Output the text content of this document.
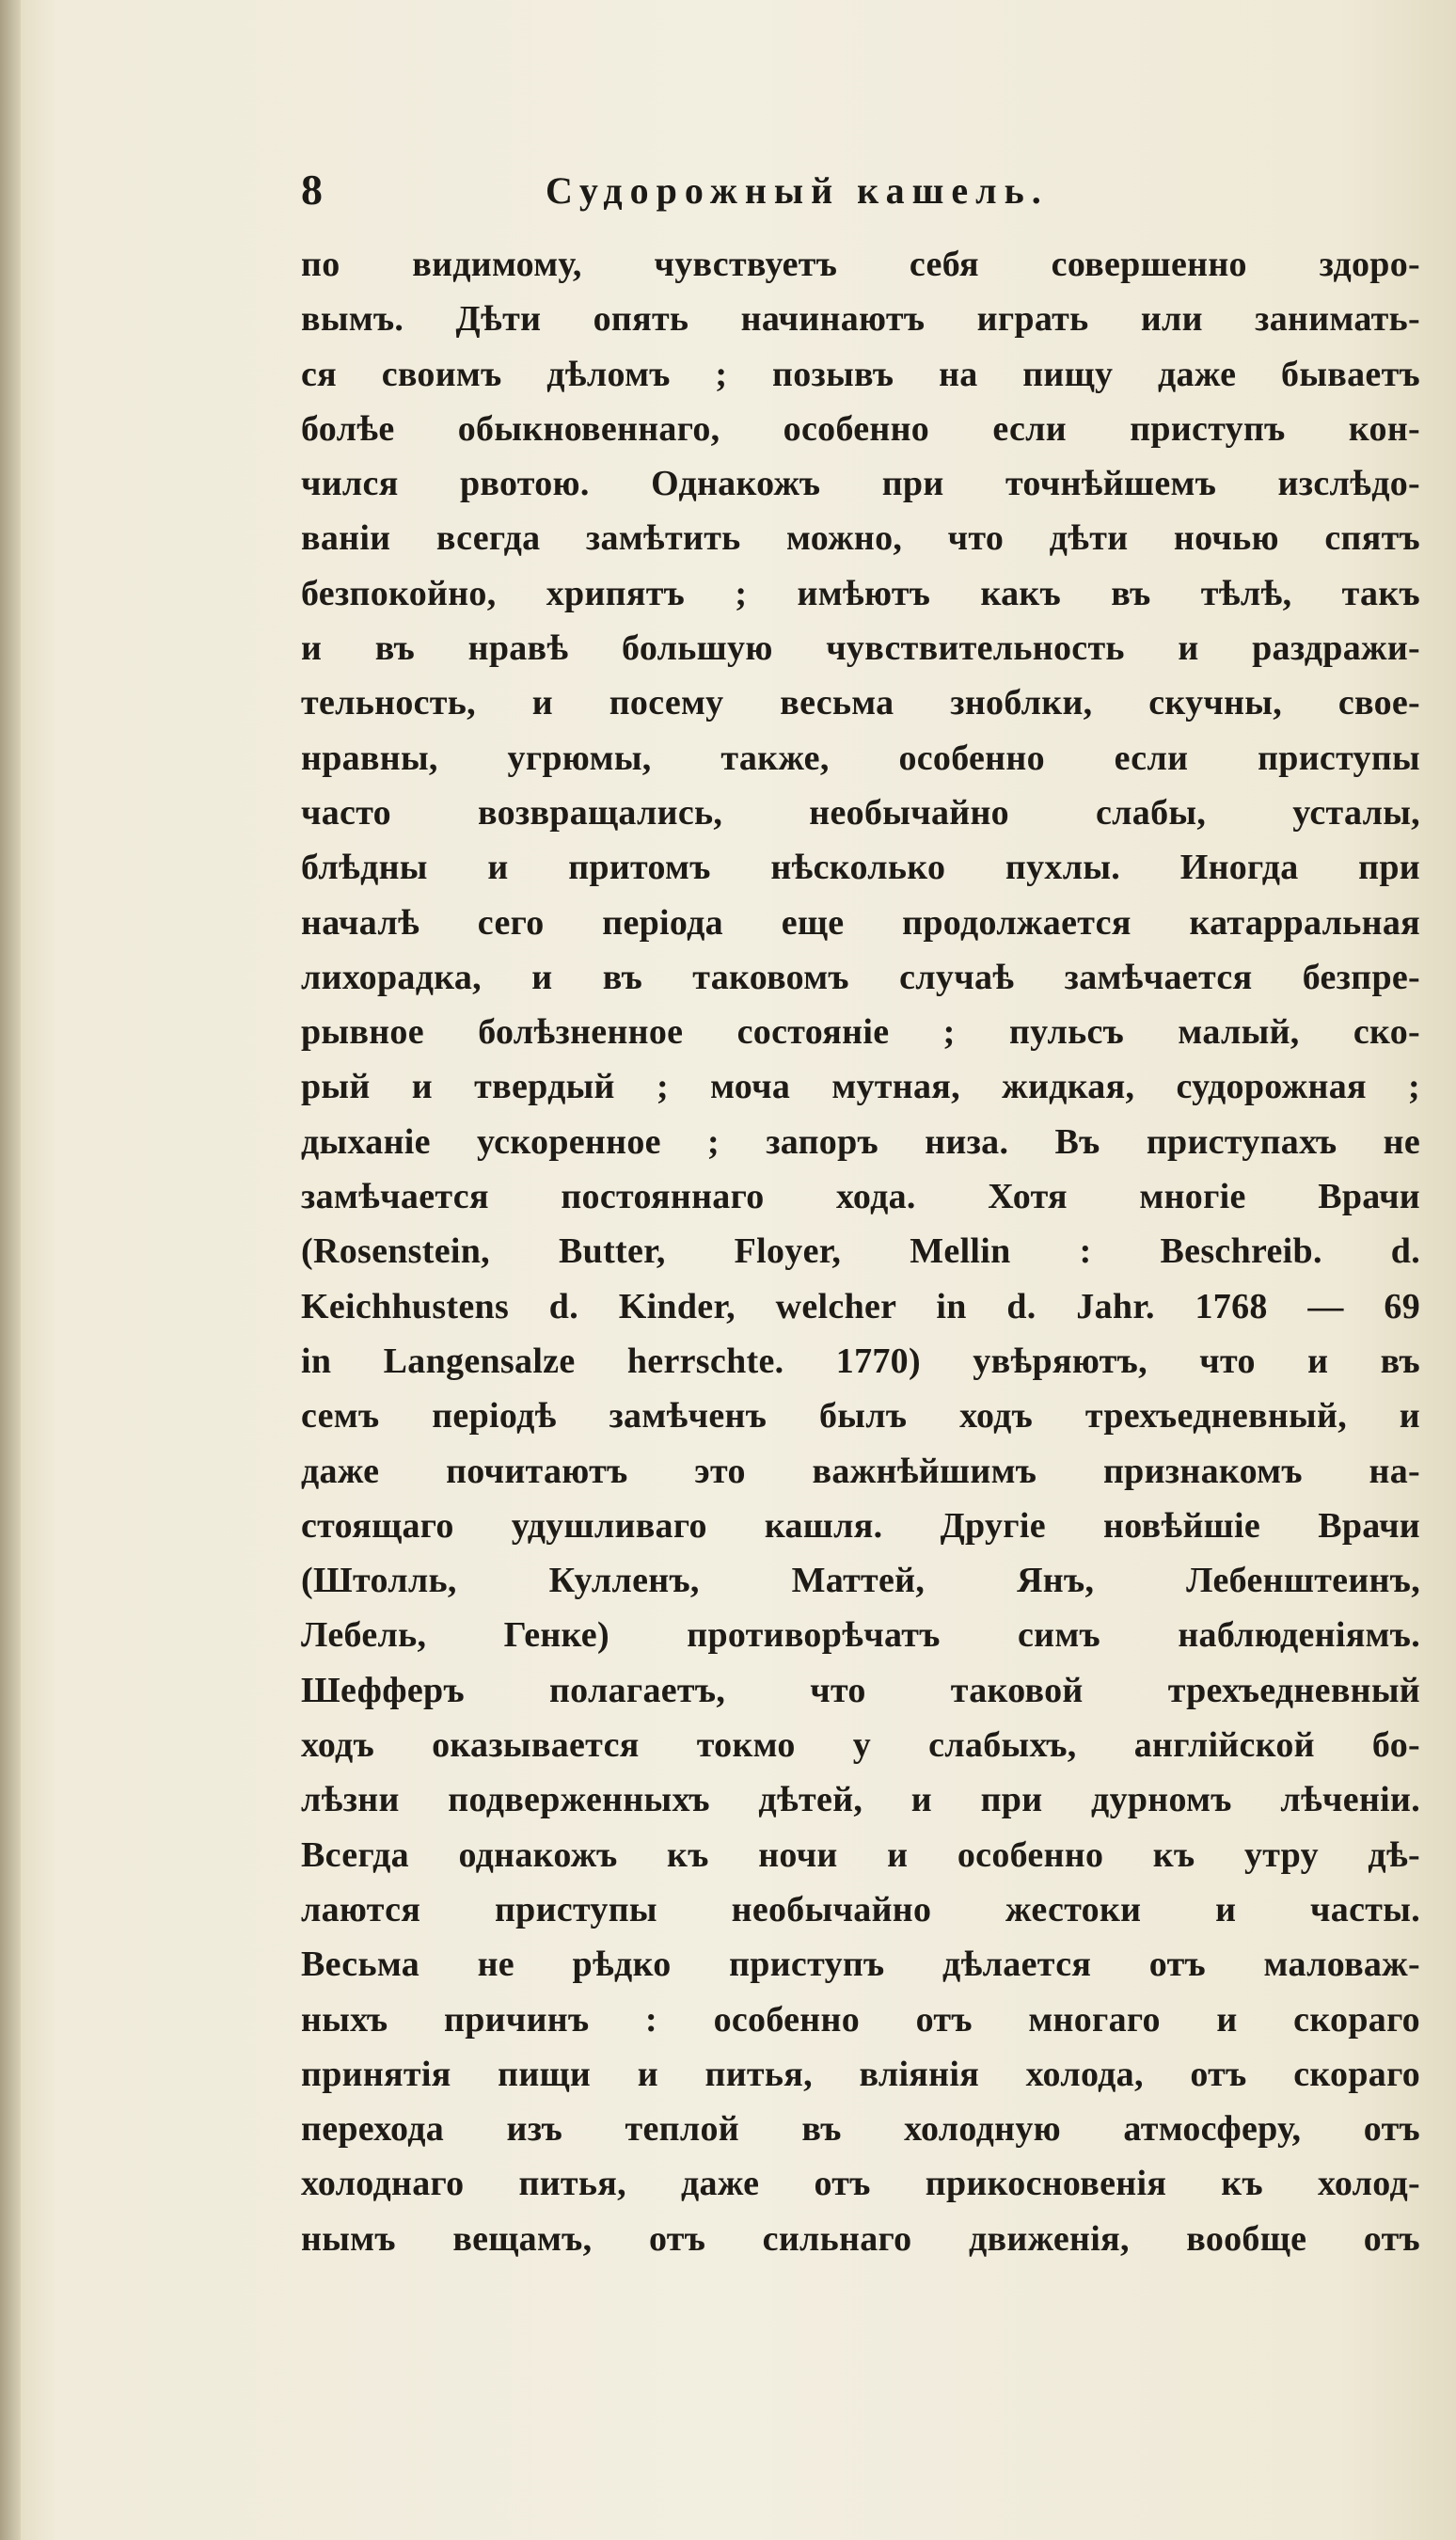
8	Судорожный кашель.
по видимому, чувствуетъ себя совершенно здоро-
вымъ. Дѣти опять начинаютъ играть или занимать-
ся своимъ дѣломъ ; позывъ на пищу даже бываетъ
болѣе обыкновеннаго, особенно если приступъ кон-
чился рвотою. Однакожъ при точнѣйшемъ изслѣдо-
ваніи всегда замѣтить можно, что дѣти ночью спятъ
безпокойно, хрипятъ ; имѣютъ какъ въ тѣлѣ, такъ
и въ нравѣ большую чувствительность и раздражи-
тельность, и посему весьма зноблки, скучны, свое-
нравны, угрюмы, также, особенно если приступы
часто возвращались, необычайно слабы, усталы,
блѣдны и притомъ нѣсколько пухлы. Иногда при
началѣ сего періода еще продолжается катарральная
лихорадка, и въ таковомъ случаѣ замѣчается безпре-
рывное болѣзненное состояніе ; пульсъ малый, ско-
рый и твердый ; моча мутная, жидкая, судорожная ;
дыханіе ускоренное ; запоръ низа. Въ приступахъ не
замѣчается постояннаго хода. Хотя многіе Врачи
(Rosenstein, Butter, Floyer, Mellin : Beschreib. d.
Keichhustens d. Kinder, welcher in d. Jahr. 1768 — 69
in Langensalze herrschte. 1770) увѣряютъ, что и въ
семъ періодѣ замѣченъ былъ ходъ трехъедневный, и
даже почитаютъ это важнѣйшимъ признакомъ на-
стоящаго удушливаго кашля. Другіе новѣйшіе Врачи
(Штолль, Кулленъ, Маттей, Янъ, Лебенштеинъ,
Лебель, Генке) противорѣчатъ симъ наблюденіямъ.
Шефферъ полагаетъ, что таковой трехъедневный
ходъ оказывается токмо у слабыхъ, англійской бо-
лѣзни подверженныхъ дѣтей, и при дурномъ лѣченіи.
Всегда однакожъ къ ночи и особенно къ утру дѣ-
лаются приступы необычайно жестоки и часты.
Весьма не рѣдко приступъ дѣлается отъ маловаж-
ныхъ причинъ : особенно отъ многаго и скораго
принятія пищи и питья, вліянія холода, отъ скораго
перехода изъ теплой въ холодную атмосферу, отъ
холоднаго питья, даже отъ прикосновенія къ холод-
нымъ вещамъ, отъ сильнаго движенія, вообще отъ
